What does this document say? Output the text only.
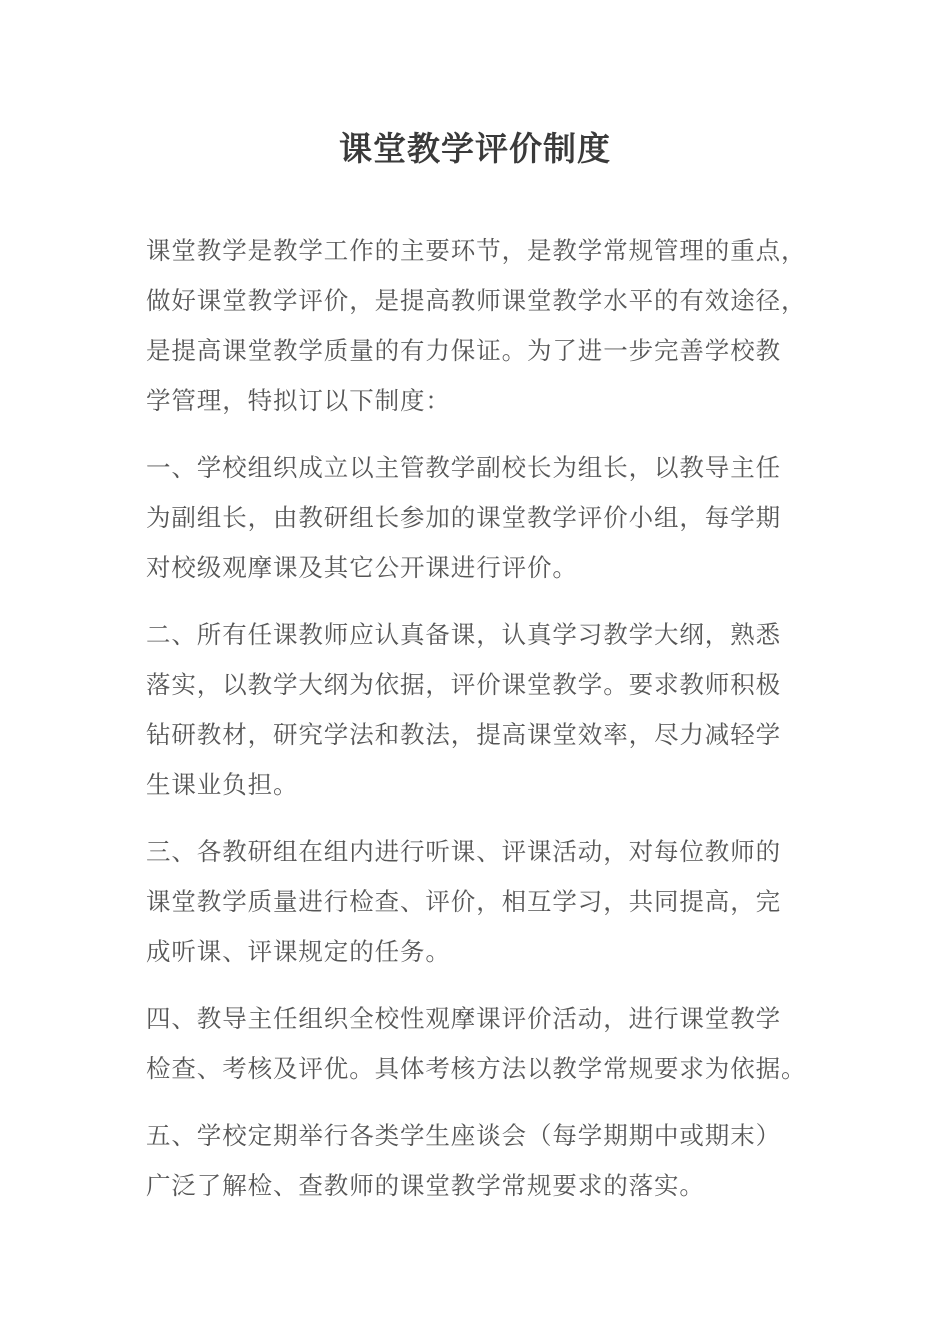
课堂教学评价制度
课堂教学是教学工作的主要环节，是教学常规管理的重点，
做好课堂教学评价，是提高教师课堂教学水平的有效途径，
是提高课堂教学质量的有力保证。为了进一步完善学校教
学管理，特拟订以下制度：
一、学校组织成立以主管教学副校长为组长，以教导主任
为副组长，由教研组长参加的课堂教学评价小组，每学期
对校级观摩课及其它公开课进行评价。
二、所有任课教师应认真备课，认真学习教学大纲，熟悉
落实，以教学大纲为依据，评价课堂教学。要求教师积极
钻研教材，研究学法和教法，提高课堂效率，尽力减轻学
生课业负担。
三、各教研组在组内进行听课、评课活动，对每位教师的
课堂教学质量进行检查、评价，相互学习，共同提高，完
成听课、评课规定的任务。
四、教导主任组织全校性观摩课评价活动，进行课堂教学
检查、考核及评优。具体考核方法以教学常规要求为依据。
五、学校定期举行各类学生座谈会（每学期期中或期末）
广泛了解检、查教师的课堂教学常规要求的落实。
